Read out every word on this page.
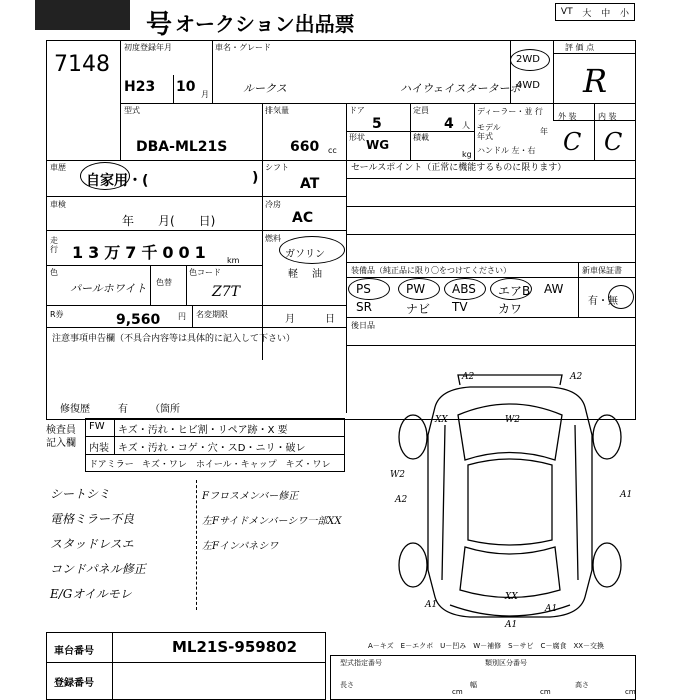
号 オークション出品票	VT 大 中 小
7148
初度登録年月
H23 10 月
車名・グレード
ルークス	ハイウェイスターターボ
2WD
4WD
評 価 点
R
型式
DBA-ML21S
排気量
660 cc
ドア
5
定員
4 人
形状
WG
積載
kg
ディーラー・並 行
モデル年式
年
ハンドル 左・右
外 装	内 装
C C
車歴
自家用・(	)
シフト
AT
セールスポイント（正常に機能するものに限ります）
車検
年　　月(　　日)
冷房
AC
走行 13万7千001 km
燃料
ガソリン
軽 油
色
パールホワイト 色替
色コード
Z7T
装備品（純正品に限り〇をつけてください）	新車保証書
有・無
PS	PW ABS エアB AW
SR	ナビ TV	カワ
後日品
R券	9,560 円 名変期限	月　　　日
注意事項申告欄（不具合内容等は具体的に記入して下さい）
修復歴	有 （箇所
検査員記入欄
FW キズ・汚れ・ヒビ割・リペア跡・X 要
内装 キズ・汚れ・コゲ・穴・スD・ニリ・破レ
ドアミラー キズ・ワレ　ホイール・キャップ　キズ・ワレ
シートシミ
電格ミラー不良
スタッドレスエ
コンドパネル修正
E/Gオイルモレ
Fフロスメンバー修正
左Fサイドメンバーシワ一部XX
左Fインパネシワ
A2	A2
XX	W2
W2
A1
A2
A1
XX
A1
A1
A－キズ　E－エクボ　U－凹み　W－補修　S－サビ　C－腐食　XX－交換
車台番号	ML21S-959802
登録番号
型式指定番号	類別区分番号
長さ	幅	高さ
cm	cm	cm
